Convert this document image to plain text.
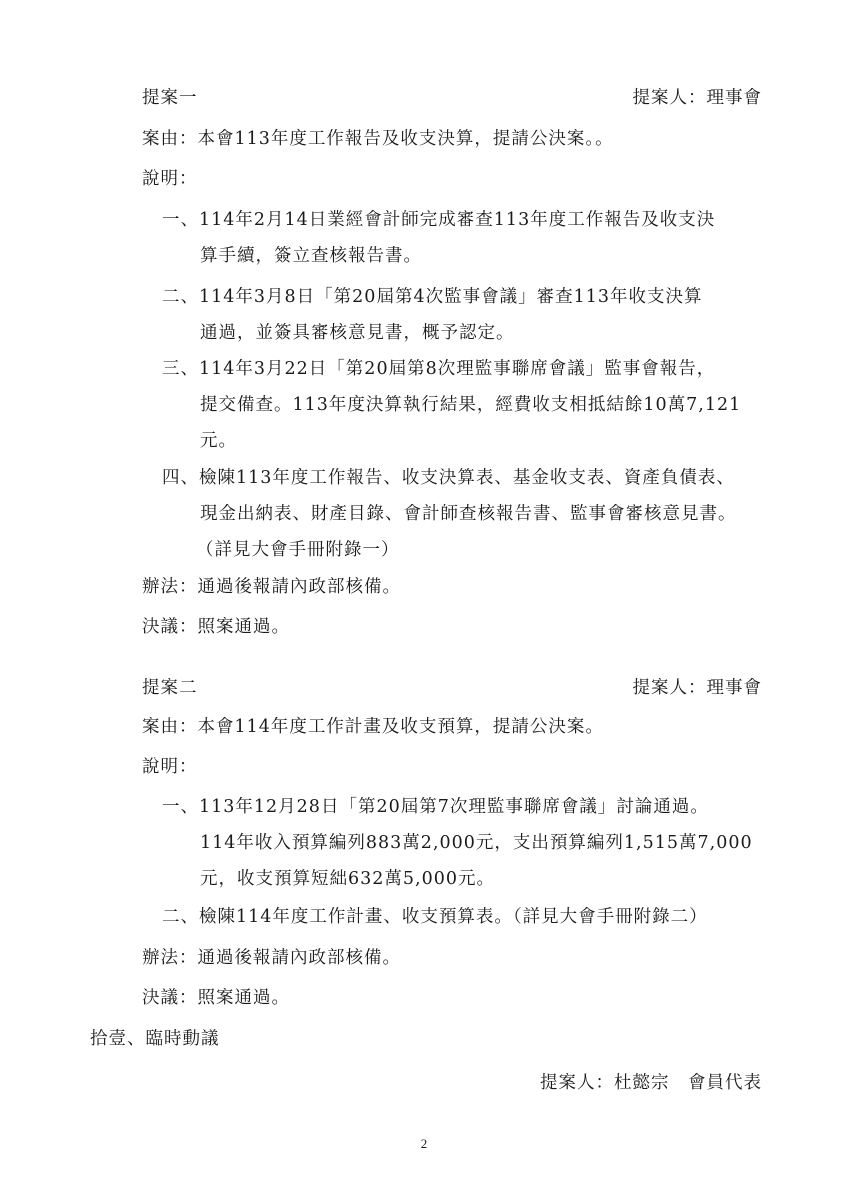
提案一	提案人：理事會
案由：本會113年度工作報告及收支決算，提請公決案。。
說明：
一、114年2月14日業經會計師完成審查113年度工作報告及收支決
算手續，簽立查核報告書。
二、114年3月8日「第20屆第4次監事會議」審查113年收支決算
通過，並簽具審核意見書，概予認定。
三、114年3月22日「第20屆第8次理監事聯席會議」監事會報告，
提交備查。113年度決算執行結果，經費收支相抵結餘10萬7,121
元。
四、檢陳113年度工作報告、收支決算表、基金收支表、資產負債表、
現金出納表、財產目錄、會計師查核報告書、監事會審核意見書。
（詳見大會手冊附錄一）
辦法：通過後報請內政部核備。
決議：照案通過。
提案二	提案人：理事會
案由：本會114年度工作計畫及收支預算，提請公決案。
說明：
一、113年12月28日「第20屆第7次理監事聯席會議」討論通過。
114年收入預算編列883萬2,000元，支出預算編列1,515萬7,000
元，收支預算短絀632萬5,000元。
二、檢陳114年度工作計畫、收支預算表。（詳見大會手冊附錄二）
辦法：通過後報請內政部核備。
決議：照案通過。
拾壹、臨時動議
提案人：杜懿宗　會員代表
2
